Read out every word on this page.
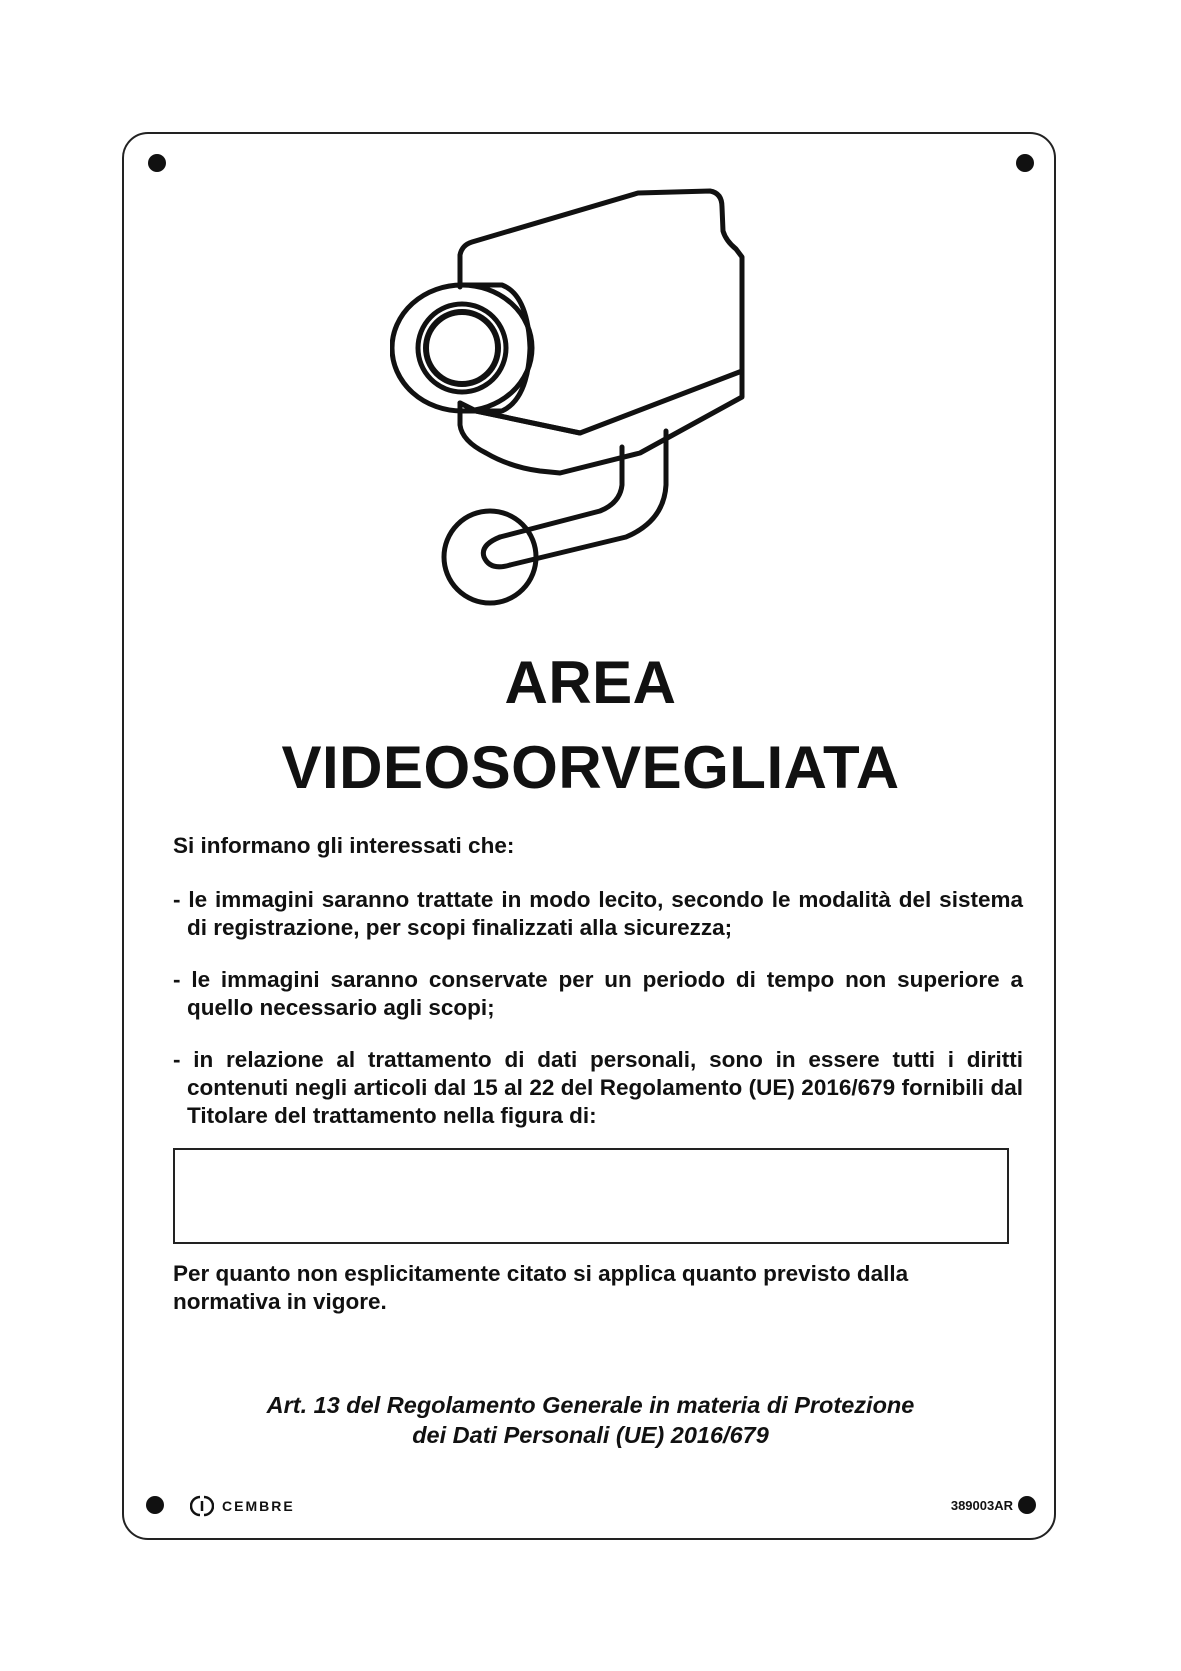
AREA
VIDEOSORVEGLIATA
Si informano gli interessati che:
- le immagini saranno trattate in modo lecito, secondo le modalità del sistema di registrazione, per scopi finalizzati alla sicurezza;
- le immagini saranno conservate per un periodo di tempo non superiore a quello necessario agli scopi;
- in relazione al trattamento di dati personali, sono in essere tutti i diritti contenuti negli articoli dal 15 al 22 del Regolamento (UE) 2016/679 fornibili dal Titolare del trattamento nella figura di:
Per quanto non esplicitamente citato si applica quanto previsto dalla normativa in vigore.
Art. 13 del Regolamento Generale in materia di Protezione
dei Dati Personali (UE) 2016/679
CEMBRE	389003AR
